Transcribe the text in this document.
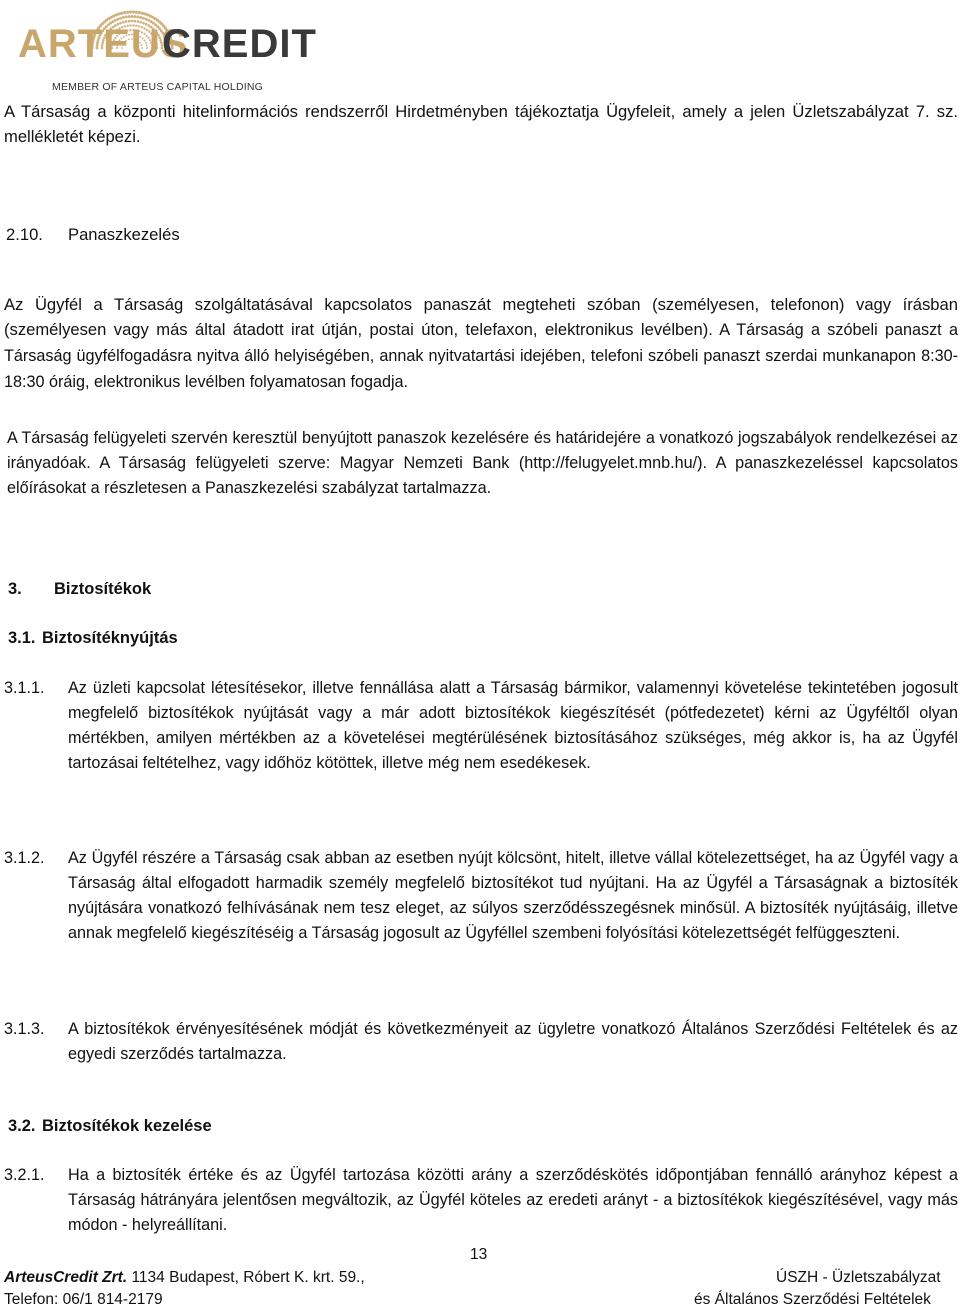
ARTEUS
CREDIT
MEMBER OF ARTEUS CAPITAL HOLDING
A Társaság a központi hitelinformációs rendszerről Hirdetményben tájékoztatja Ügyfeleit, amely a jelen Üzletszabályzat 7. sz. mellékletét képezi.
2.10. Panaszkezelés
Az Ügyfél a Társaság szolgáltatásával kapcsolatos panaszát megteheti szóban (személyesen, telefonon) vagy írásban (személyesen vagy más által átadott irat útján, postai úton, telefaxon, elektronikus levélben). A Társaság a szóbeli panaszt a Társaság ügyfélfogadásra nyitva álló helyiségében, annak nyitvatartási idejében, telefoni szóbeli panaszt szerdai munkanapon 8:30-18:30 óráig, elektronikus levélben folyamatosan fogadja.
A Társaság felügyeleti szervén keresztül benyújtott panaszok kezelésére és határidejére a vonatkozó jogszabályok rendelkezései az irányadóak. A Társaság felügyeleti szerve: Magyar Nemzeti Bank (http://felugyelet.mnb.hu/). A panaszkezeléssel kapcsolatos előírásokat a részletesen a Panaszkezelési szabályzat tartalmazza.
3. Biztosítékok
3.1. Biztosítéknyújtás
3.1.1. Az üzleti kapcsolat létesítésekor, illetve fennállása alatt a Társaság bármikor, valamennyi követelése tekintetében jogosult megfelelő biztosítékok nyújtását vagy a már adott biztosítékok kiegészítését (pótfedezetet) kérni az Ügyféltől olyan mértékben, amilyen mértékben az a követelései megtérülésének biztosításához szükséges, még akkor is, ha az Ügyfél tartozásai feltételhez, vagy időhöz kötöttek, illetve még nem esedékesek.
3.1.2. Az Ügyfél részére a Társaság csak abban az esetben nyújt kölcsönt, hitelt, illetve vállal kötelezettséget, ha az Ügyfél vagy a Társaság által elfogadott harmadik személy megfelelő biztosítékot tud nyújtani. Ha az Ügyfél a Társaságnak a biztosíték nyújtására vonatkozó felhívásának nem tesz eleget, az súlyos szerződésszegésnek minősül. A biztosíték nyújtásáig, illetve annak megfelelő kiegészítéséig a Társaság jogosult az Ügyféllel szembeni folyósítási kötelezettségét felfüggeszteni.
3.1.3. A biztosítékok érvényesítésének módját és következményeit az ügyletre vonatkozó Általános Szerződési Feltételek és az egyedi szerződés tartalmazza.
3.2. Biztosítékok kezelése
3.2.1. Ha a biztosíték értéke és az Ügyfél tartozása közötti arány a szerződéskötés időpontjában fennálló arányhoz képest a Társaság hátrányára jelentősen megváltozik, az Ügyfél köteles az eredeti arányt - a biztosítékok kiegészítésével, vagy más módon - helyreállítani.
13
ArteusCredit Zrt. 1134 Budapest, Róbert K. krt. 59.,
Telefon: 06/1 814-2179
ÚSZH - Üzletszabályzat
és Általános Szerződési Feltételek
